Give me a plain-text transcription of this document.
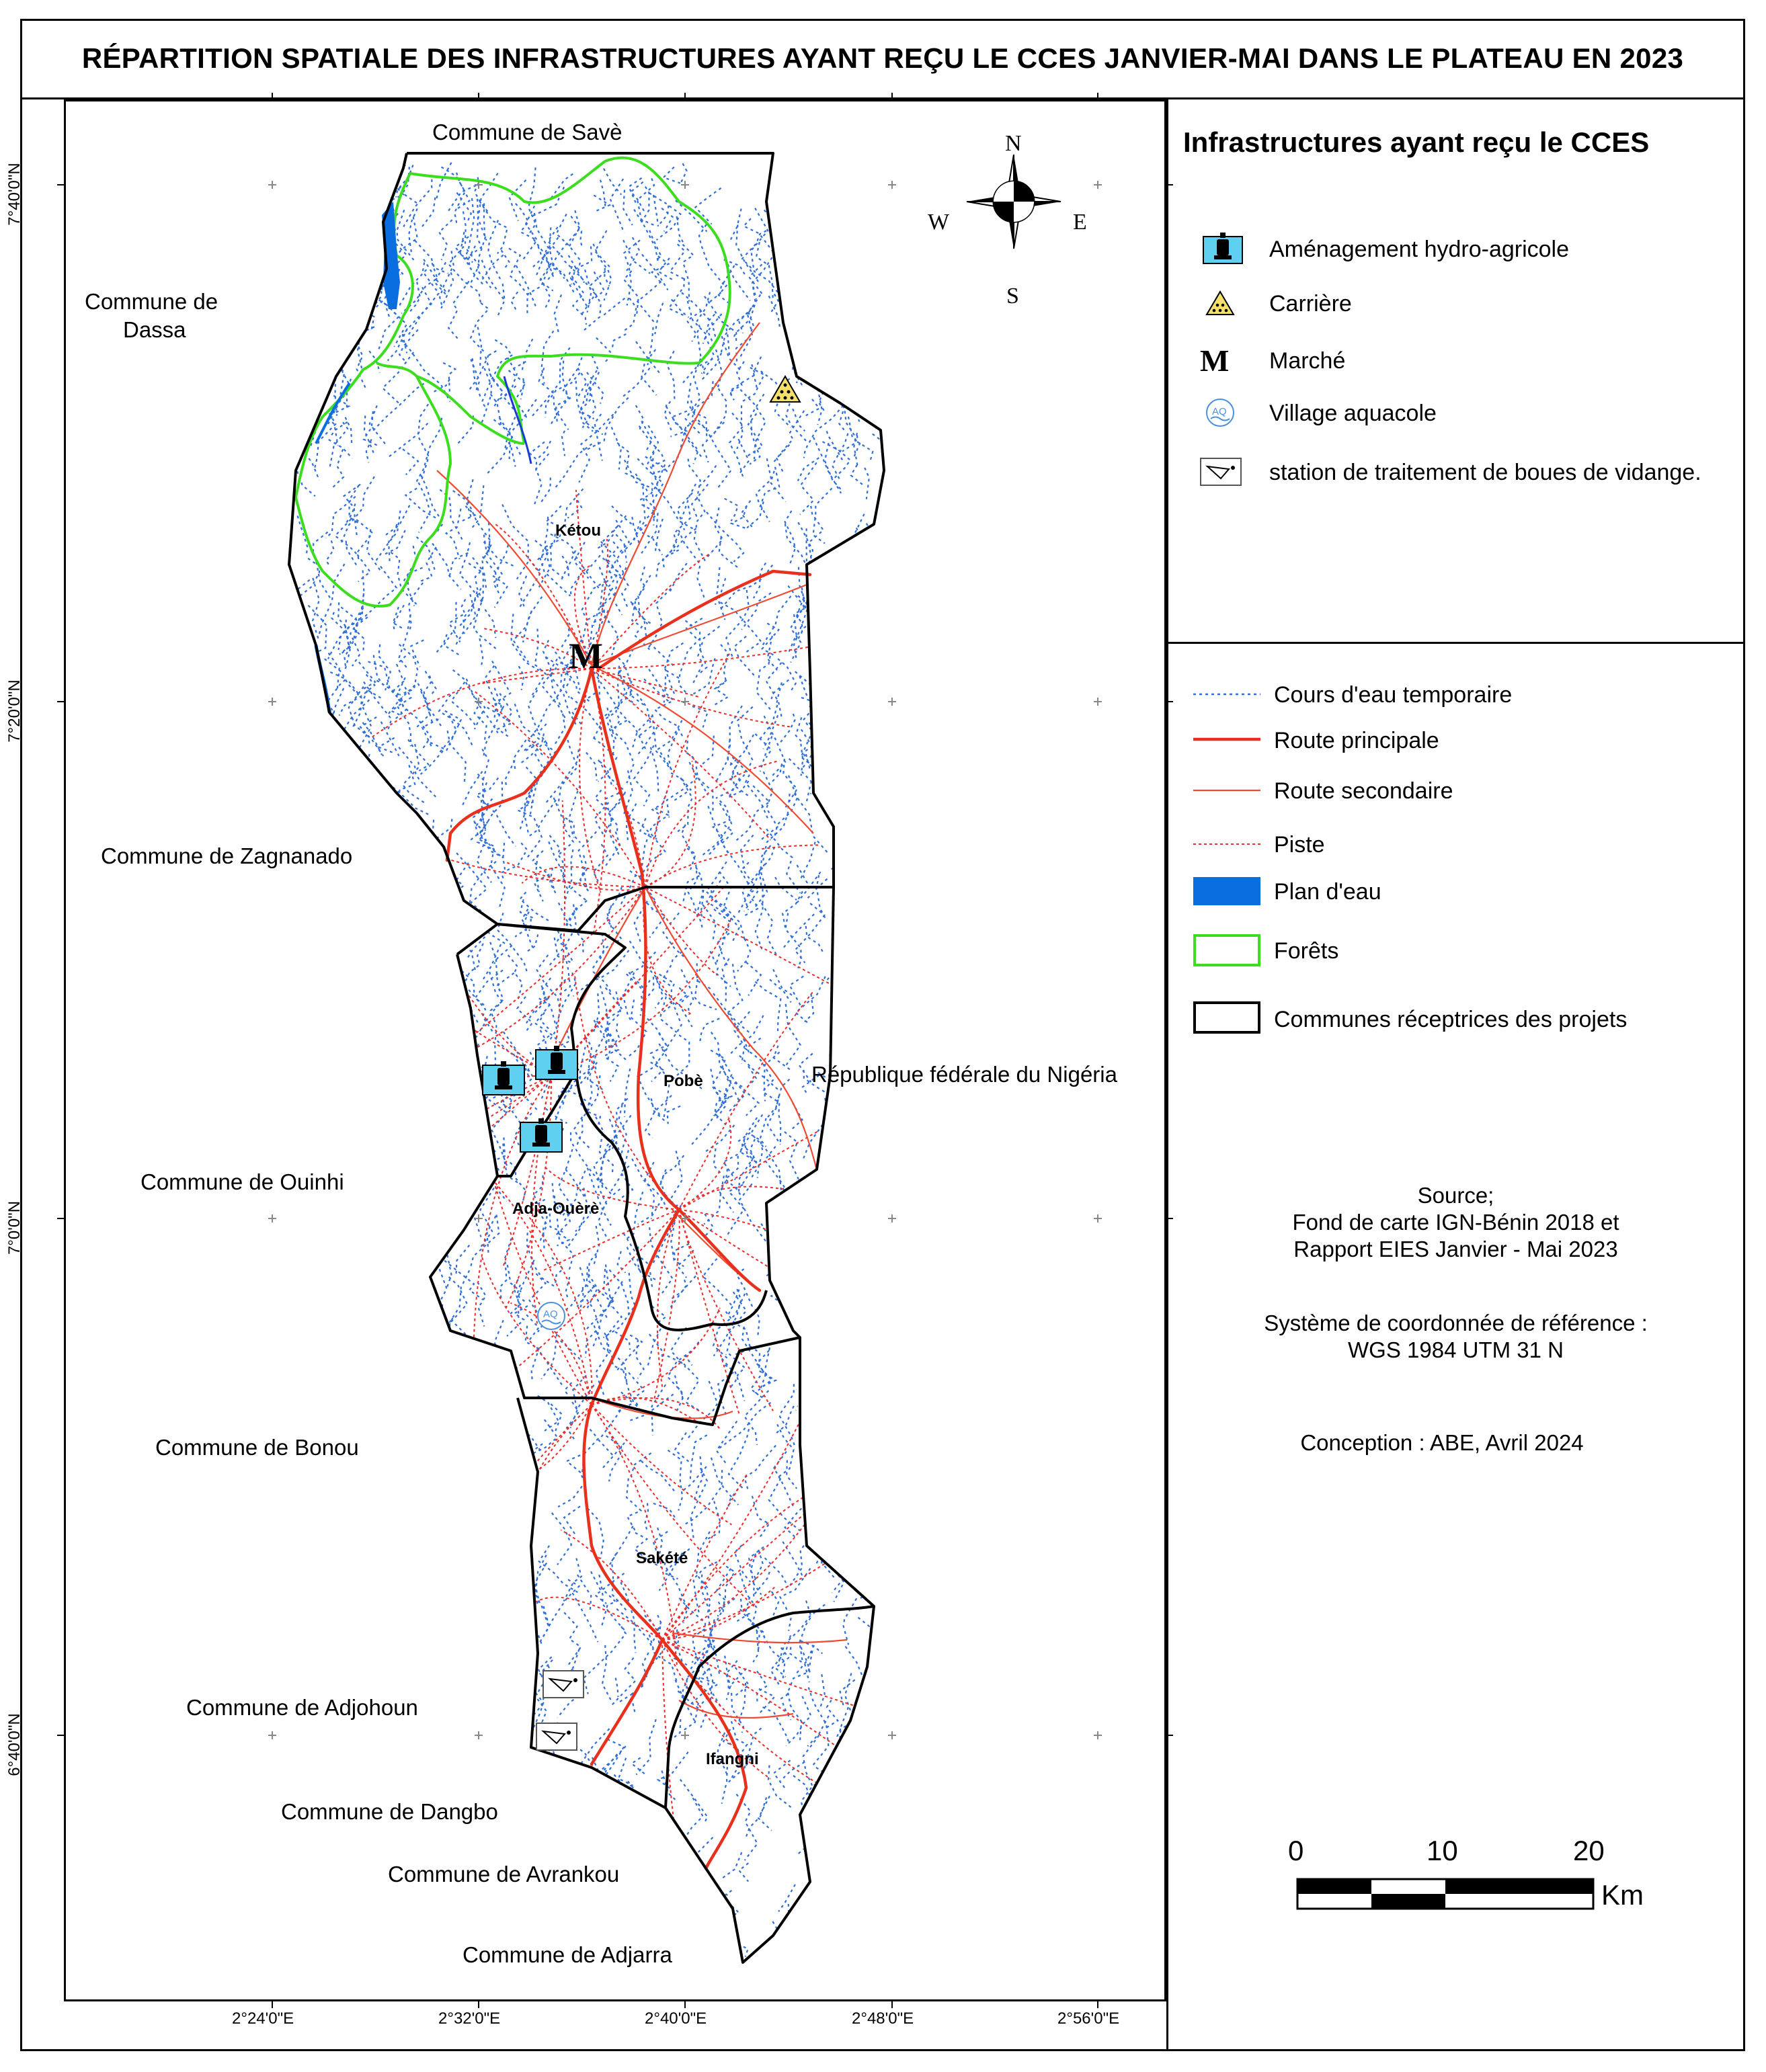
RÉPARTITION SPATIALE DES INFRASTRUCTURES AYANT REÇU LE CCES JANVIER-MAI DANS LE PLATEAU EN 2023
Commune de Savè
Commune de
Dassa
Commune de Zagnanado
Commune de Ouinhi
Commune de Bonou
Commune de Adjohoun
Commune de Dangbo
Commune de Avrankou
Commune de Adjarra
République fédérale du Nigéria
Kétou
Pobè
Adja-Ouèrè
Sakété
Ifangni
M
AQ
N
S
E
W
7°40'0"N
7°20'0"N
7°0'0"N
6°40'0"N
2°24'0"E	2°32'0"E	2°40'0"E	2°48'0"E	2°56'0"E
Infrastructures ayant reçu le CCES
M
AQ
Aménagement hydro-agricole
Carrière
Marché
Village aquacole
station de traitement de boues de vidange.
Cours d'eau temporaire
Route principale
Route secondaire
Piste
Plan d'eau
Forêts
Communes réceptrices des projets
Source;
Fond de carte IGN-Bénin 2018 et
Rapport EIES Janvier - Mai 2023
Système de coordonnée de référence :
WGS 1984 UTM 31 N
Conception : ABE, Avril 2024
0	10	20
Km
